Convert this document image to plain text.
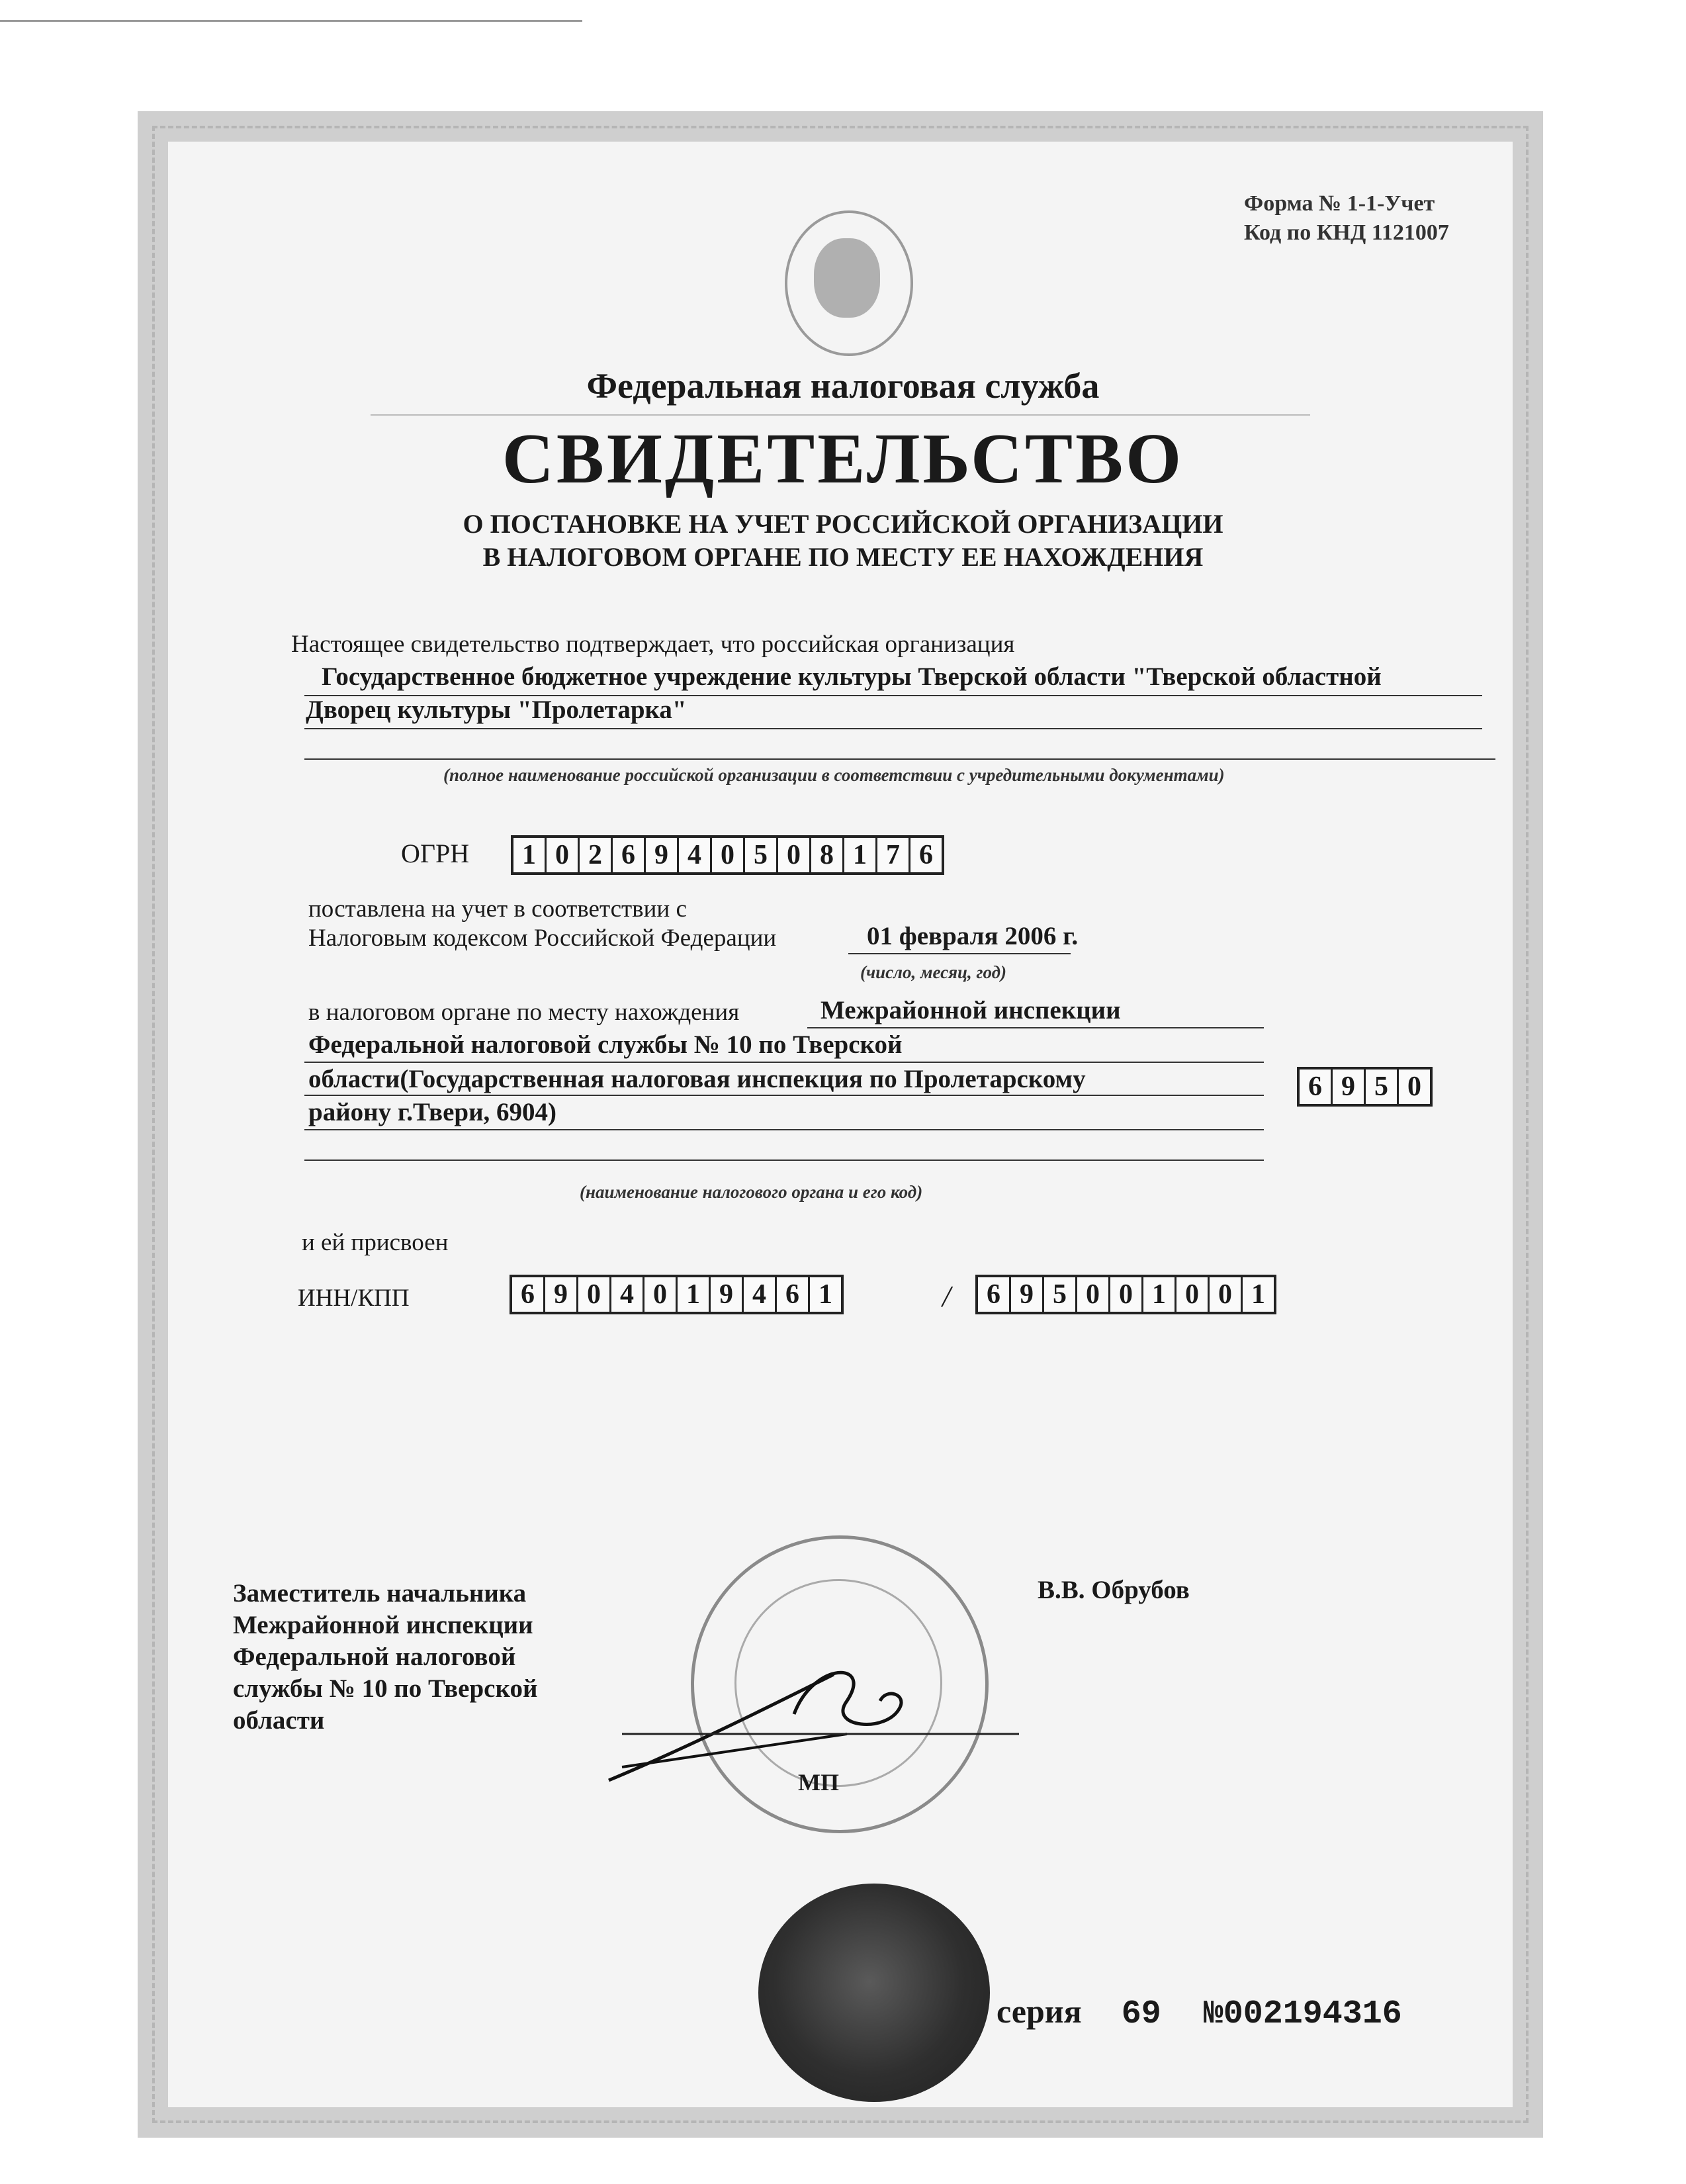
Форма № 1-1-Учет
Код по КНД 1121007
Федеральная налоговая служба
СВИДЕТЕЛЬСТВО
О ПОСТАНОВКЕ НА УЧЕТ РОССИЙСКОЙ ОРГАНИЗАЦИИ
В НАЛОГОВОМ ОРГАНЕ ПО МЕСТУ ЕЕ НАХОЖДЕНИЯ
Настоящее свидетельство подтверждает, что российская организация
Государственное бюджетное учреждение культуры Тверской области "Тверской областной
Дворец культуры "Пролетарка"
(полное наименование российской организации в соответствии с учредительными документами)
ОГРН	1 0 2 6 9 4 0 5 0 8 1 7 6
поставлена на учет в соответствии с
Налоговым кодексом Российской Федерации	01 февраля 2006 г.
(число, месяц, год)
в налоговом органе по месту нахождения	Межрайонной инспекции
Федеральной налоговой службы № 10 по Тверской
области(Государственная налоговая инспекция по Пролетарскому
району г.Твери, 6904)
6 9 5 0
(наименование налогового органа и его код)
и ей присвоен
ИНН/КПП	6 9 0 4 0 1 9 4 6 1	/	6 9 5 0 0 1 0 0 1
Заместитель начальника Межрайонной инспекции Федеральной налоговой службы № 10 по Тверской области
В.В. Обрубов
МП
серия 69 №002194316
